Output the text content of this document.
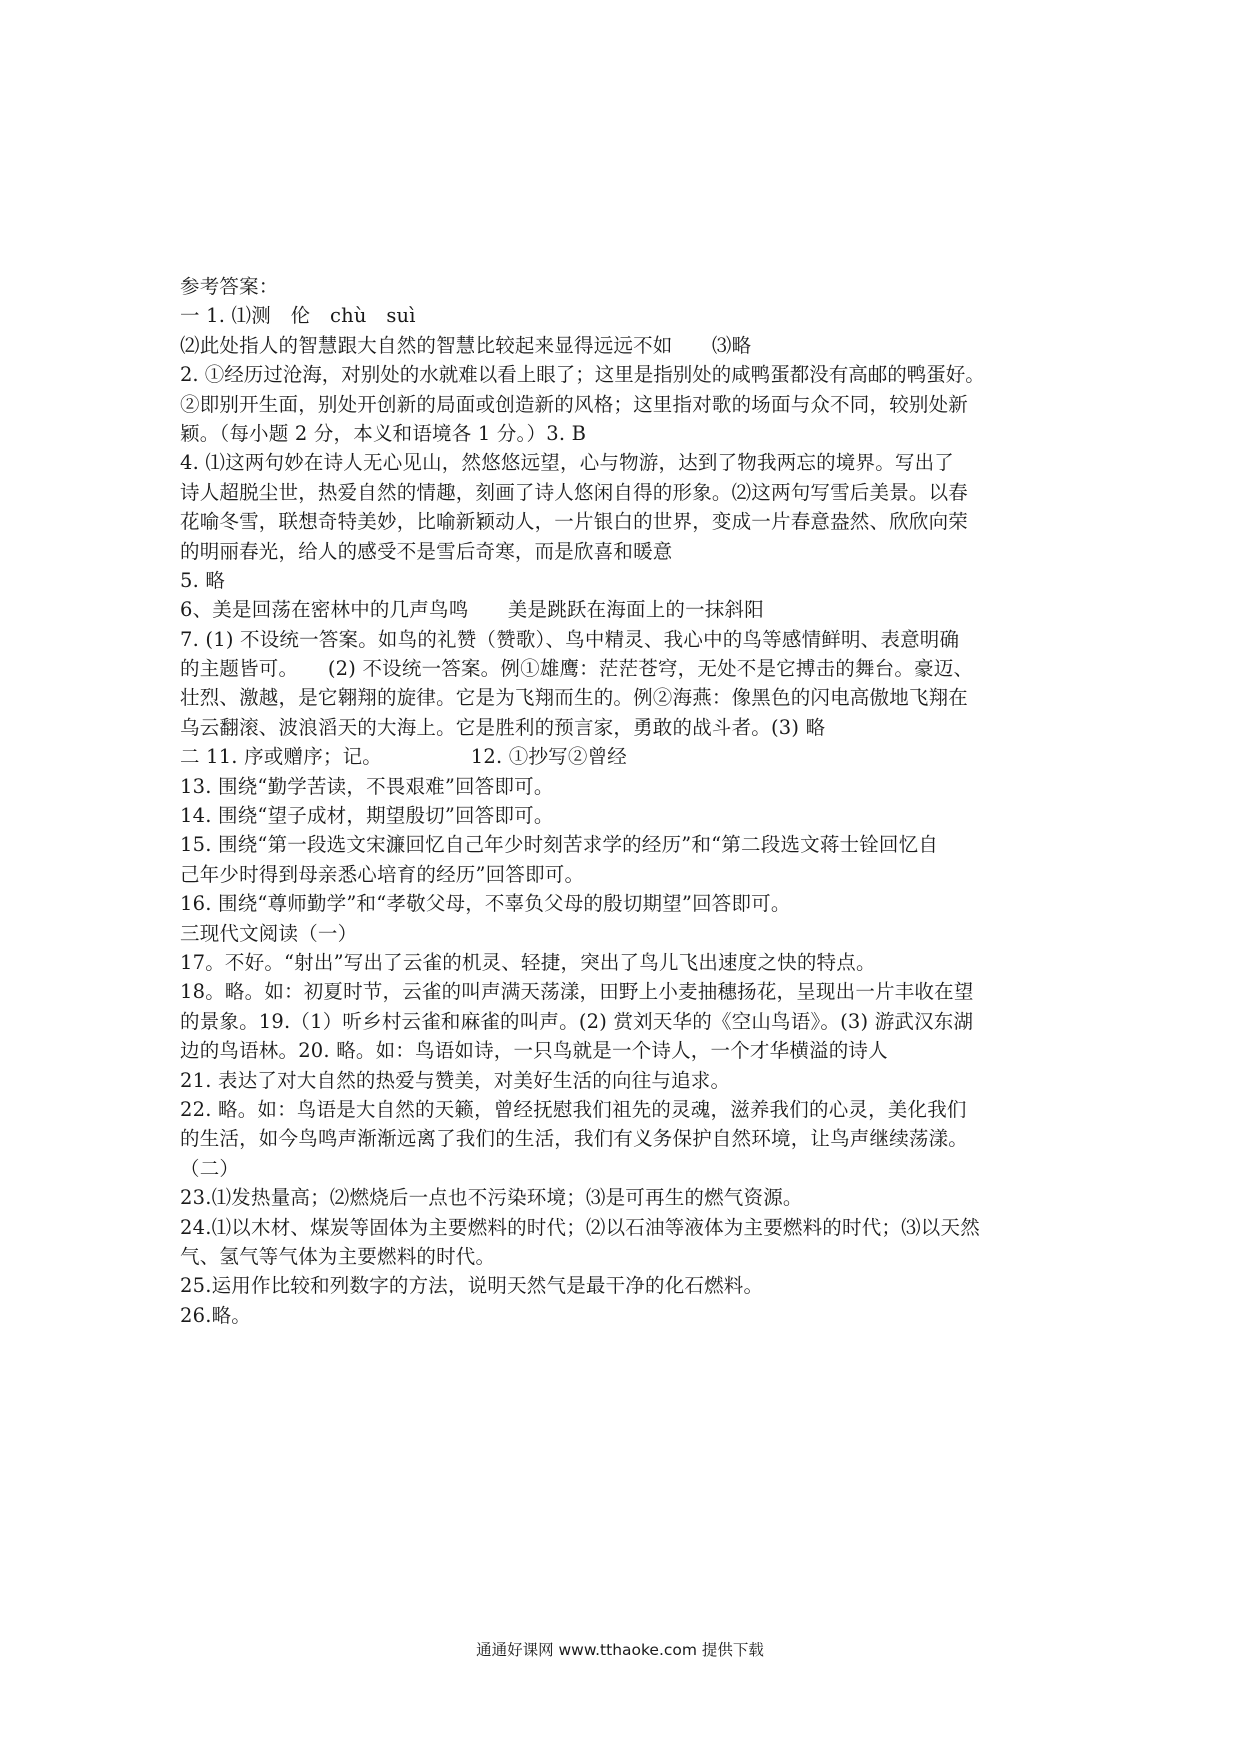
参考答案：
一 1. ⑴测　伦　chù　suì
⑵此处指人的智慧跟大自然的智慧比较起来显得远远不如　　⑶略
2. ①经历过沧海，对别处的水就难以看上眼了；这里是指别处的咸鸭蛋都没有高邮的鸭蛋好。
②即别开生面，别处开创新的局面或创造新的风格；这里指对歌的场面与众不同，较别处新
颖。（每小题 2 分，本义和语境各 1 分。）3. B
4. ⑴这两句妙在诗人无心见山，然悠悠远望，心与物游，达到了物我两忘的境界。写出了
诗人超脱尘世，热爱自然的情趣，刻画了诗人悠闲自得的形象。⑵这两句写雪后美景。以春
花喻冬雪，联想奇特美妙，比喻新颖动人，一片银白的世界，变成一片春意盎然、欣欣向荣
的明丽春光，给人的感受不是雪后奇寒，而是欣喜和暖意
5. 略
6、美是回荡在密林中的几声鸟鸣　　美是跳跃在海面上的一抹斜阳
7. (1) 不设统一答案。如鸟的礼赞（赞歌）、鸟中精灵、我心中的鸟等感情鲜明、表意明确
的主题皆可。　　(2) 不设统一答案。例①雄鹰：茫茫苍穹，无处不是它搏击的舞台。豪迈、
壮烈、激越，是它翱翔的旋律。它是为飞翔而生的。例②海燕：像黑色的闪电高傲地飞翔在
乌云翻滚、波浪滔天的大海上。它是胜利的预言家，勇敢的战斗者。(3) 略
二 11. 序或赠序；记。　　　　　12. ①抄写②曾经
13. 围绕“勤学苦读，不畏艰难”回答即可。
14. 围绕“望子成材，期望殷切”回答即可。
15. 围绕“第一段选文宋濂回忆自己年少时刻苦求学的经历”和“第二段选文蒋士铨回忆自
己年少时得到母亲悉心培育的经历”回答即可。
16. 围绕“尊师勤学”和“孝敬父母，不辜负父母的殷切期望”回答即可。
三现代文阅读（一）
17。不好。“射出”写出了云雀的机灵、轻捷，突出了鸟儿飞出速度之快的特点。
18。略。如：初夏时节，云雀的叫声满天荡漾，田野上小麦抽穗扬花，呈现出一片丰收在望
的景象。19.（1）听乡村云雀和麻雀的叫声。(2) 赏刘天华的《空山鸟语》。(3) 游武汉东湖
边的鸟语林。20. 略。如：鸟语如诗，一只鸟就是一个诗人，一个才华横溢的诗人
21. 表达了对大自然的热爱与赞美，对美好生活的向往与追求。
22. 略。如：鸟语是大自然的天籁，曾经抚慰我们祖先的灵魂，滋养我们的心灵，美化我们
的生活，如今鸟鸣声渐渐远离了我们的生活，我们有义务保护自然环境，让鸟声继续荡漾。
（二）
23.⑴发热量高；⑵燃烧后一点也不污染环境；⑶是可再生的燃气资源。
24.⑴以木材、煤炭等固体为主要燃料的时代；⑵以石油等液体为主要燃料的时代；⑶以天然
气、氢气等气体为主要燃料的时代。
25.运用作比较和列数字的方法，说明天然气是最干净的化石燃料。
26.略。
通通好课网 www.tthaoke.com 提供下载
